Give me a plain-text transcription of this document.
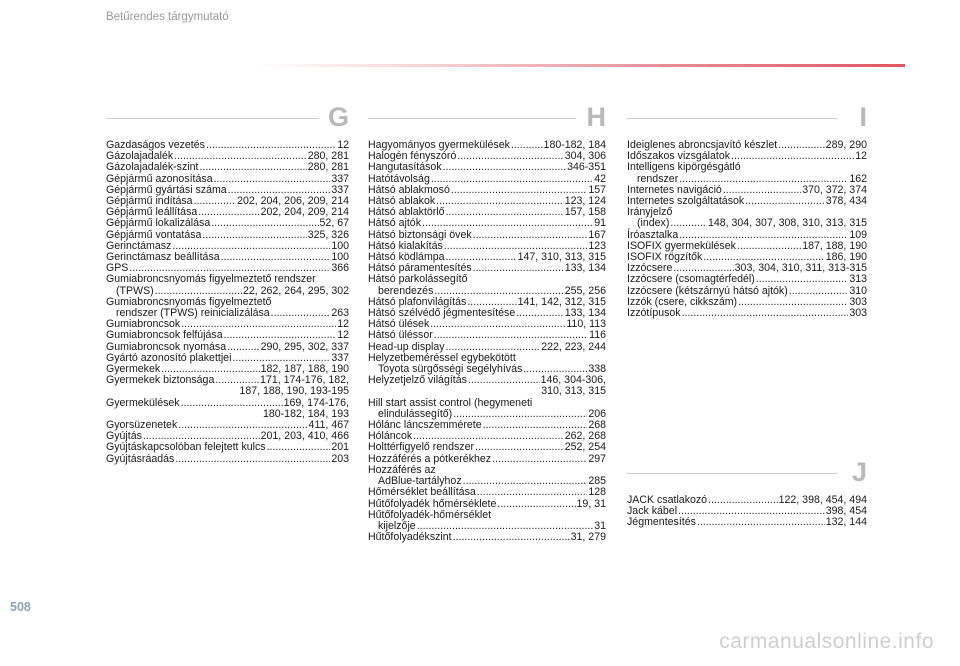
Betűrendes tárgymutató
G
Gazdaságos vezetés .....	12
Gázolajadalék .....	280, 281
Gázolajadalék-szint .....	280, 281
Gépjármű azonosítása .....	337
Gépjármű gyártási száma .....	337
Gépjármű indítása .....	202, 204, 206, 209, 214
Gépjármű leállítása .....	202, 204, 209, 214
Gépjármű lokalizálása .....	52, 67
Gépjármű vontatása .....	325, 326
Gerinctámasz .....	100
Gerinctámasz beállítása .....	100
GPS .....	366
Gumiabroncsnyomás figyelmeztető rendszer
(TPWS) .....	22, 262, 264, 295, 302
Gumiabroncsnyomás figyelmeztető
rendszer (TPWS) reinicializálása .....	263
Gumiabroncsok .....	12
Gumiabroncsok felfújása .....	12
Gumiabroncsok nyomása .....	290, 295, 302, 337
Gyártó azonosító plakettjei .....	337
Gyermekek .....	182, 187, 188, 190
Gyermekek biztonsága .....	171, 174-176, 182,
187, 188, 190, 193-195
Gyermekülések .....	169, 174-176,
180-182, 184, 193
Gyorsüzenetek .....	411, 467
Gyújtás .....	201, 203, 410, 466
Gyújtáskapcsolóban felejtett kulcs .....	201
Gyújtásráadás .....	203
H
Hagyományos gyermekülések .....	180-182, 184
Halogén fényszóró .....	304, 306
Hangutasítások .....	346-351
Hatótávolság .....	42
Hátsó ablakmosó .....	157
Hátsó ablakok .....	123, 124
Hátsó ablaktörlő .....	157, 158
Hátsó ajtók .....	91
Hátsó biztonsági övek .....	167
Hátsó kialakítás .....	123
Hátsó ködlámpa .....	147, 310, 313, 315
Hátsó páramentesítés .....	133, 134
Hátsó parkolássegítő
berendezés .....	255, 256
Hátsó plafonvilágítás .....	141, 142, 312, 315
Hátsó szélvédő jégmentesítése .....	133, 134
Hátsó ülések .....	110, 113
Hátsó üléssor .....	116
Head-up display .....	222, 223, 244
Helyzetbeméréssel egybekötött
Toyota sürgősségi segélyhívás .....	338
Helyzetjelző világítás .....	146, 304-306,
310, 313, 315
Hill start assist control (hegymeneti
elindulássegítő) .....	206
Hólánc láncszemmérete .....	268
Hóláncok .....	262, 268
Holttérfigyelő rendszer .....	252, 254
Hozzáférés a pótkerékhez .....	297
Hozzáférés az
AdBlue-tartályhoz .....	285
Hőmérséklet beállítása .....	128
Hűtőfolyadék hőmérséklete .....	19, 31
Hűtőfolyadék-hőmérséklet
kijelzője .....	31
Hűtőfolyadékszint .....	31, 279
I
Ideiglenes abroncsjavító készlet .....	289, 290
Időszakos vizsgálatok .....	12
Intelligens kipörgésgátló
rendszer .....	162
Internetes navigáció .....	370, 372, 374
Internetes szolgáltatások .....	378, 434
Irányjelző
(index) .....	148, 304, 307, 308, 310, 313, 315
Íróasztalka .....	109
ISOFIX gyermekülések .....	187, 188, 190
ISOFIX rögzítők .....	186, 190
Izzócsere .....	303, 304, 310, 311, 313-315
Izzócsere (csomagtérfedél) .....	313
Izzócsere (kétszárnyú hátsó ajtók) .....	310
Izzók (csere, cikkszám) .....	303
Izzótípusok .....	303
J
JACK csatlakozó .....	122, 398, 454, 494
Jack kábel .....	398, 454
Jégmentesítés .....	132, 144
508
carmanualsonline.info
